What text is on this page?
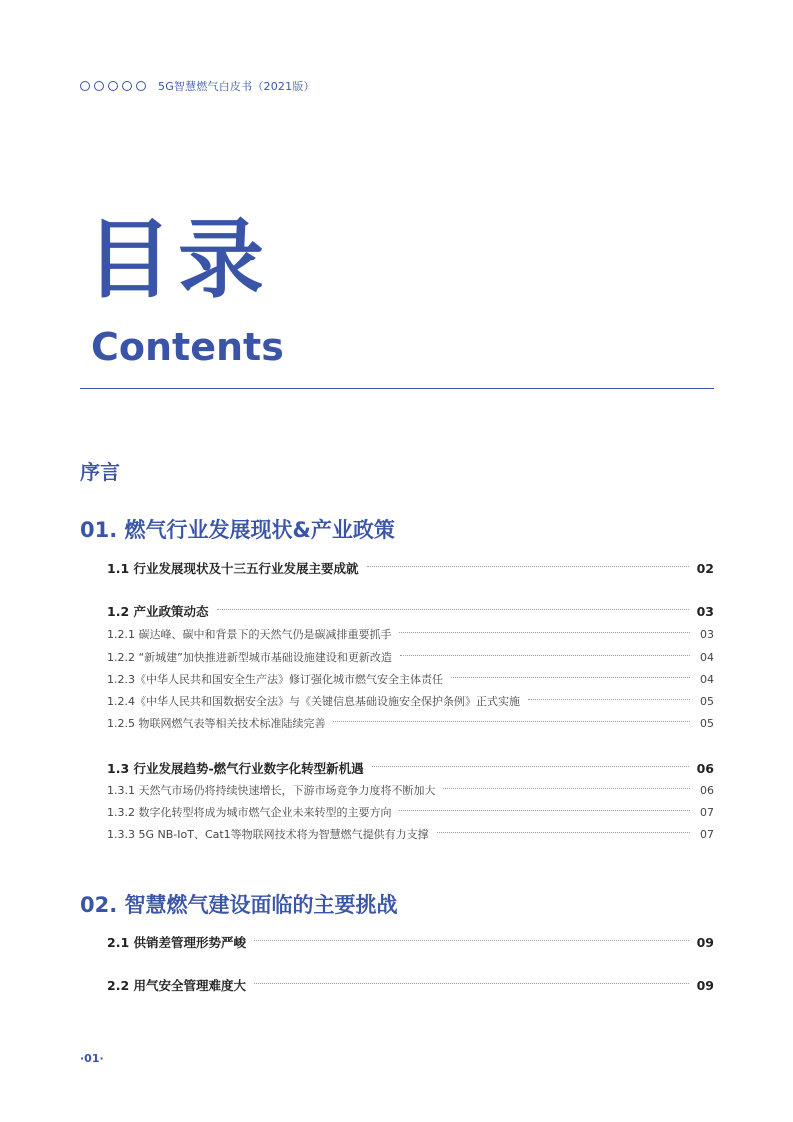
5G智慧燃气白皮书（2021版）
目录
Contents
序言
01. 燃气行业发展现状&产业政策
1.1 行业发展现状及十三五行业发展主要成就	02
1.2 产业政策动态	03
1.2.1 碳达峰、碳中和背景下的天然气仍是碳减排重要抓手	03
1.2.2 “新城建”加快推进新型城市基础设施建设和更新改造	04
1.2.3《中华人民共和国安全生产法》修订强化城市燃气安全主体责任	04
1.2.4《中华人民共和国数据安全法》与《关键信息基础设施安全保护条例》正式实施	05
1.2.5 物联网燃气表等相关技术标准陆续完善	05
1.3 行业发展趋势-燃气行业数字化转型新机遇	06
1.3.1 天然气市场仍将持续快速增长，下游市场竞争力度将不断加大	06
1.3.2 数字化转型将成为城市燃气企业未来转型的主要方向	07
1.3.3 5G NB-IoT、Cat1等物联网技术将为智慧燃气提供有力支撑	07
02. 智慧燃气建设面临的主要挑战
2.1 供销差管理形势严峻	09
2.2 用气安全管理难度大	09
·01·
